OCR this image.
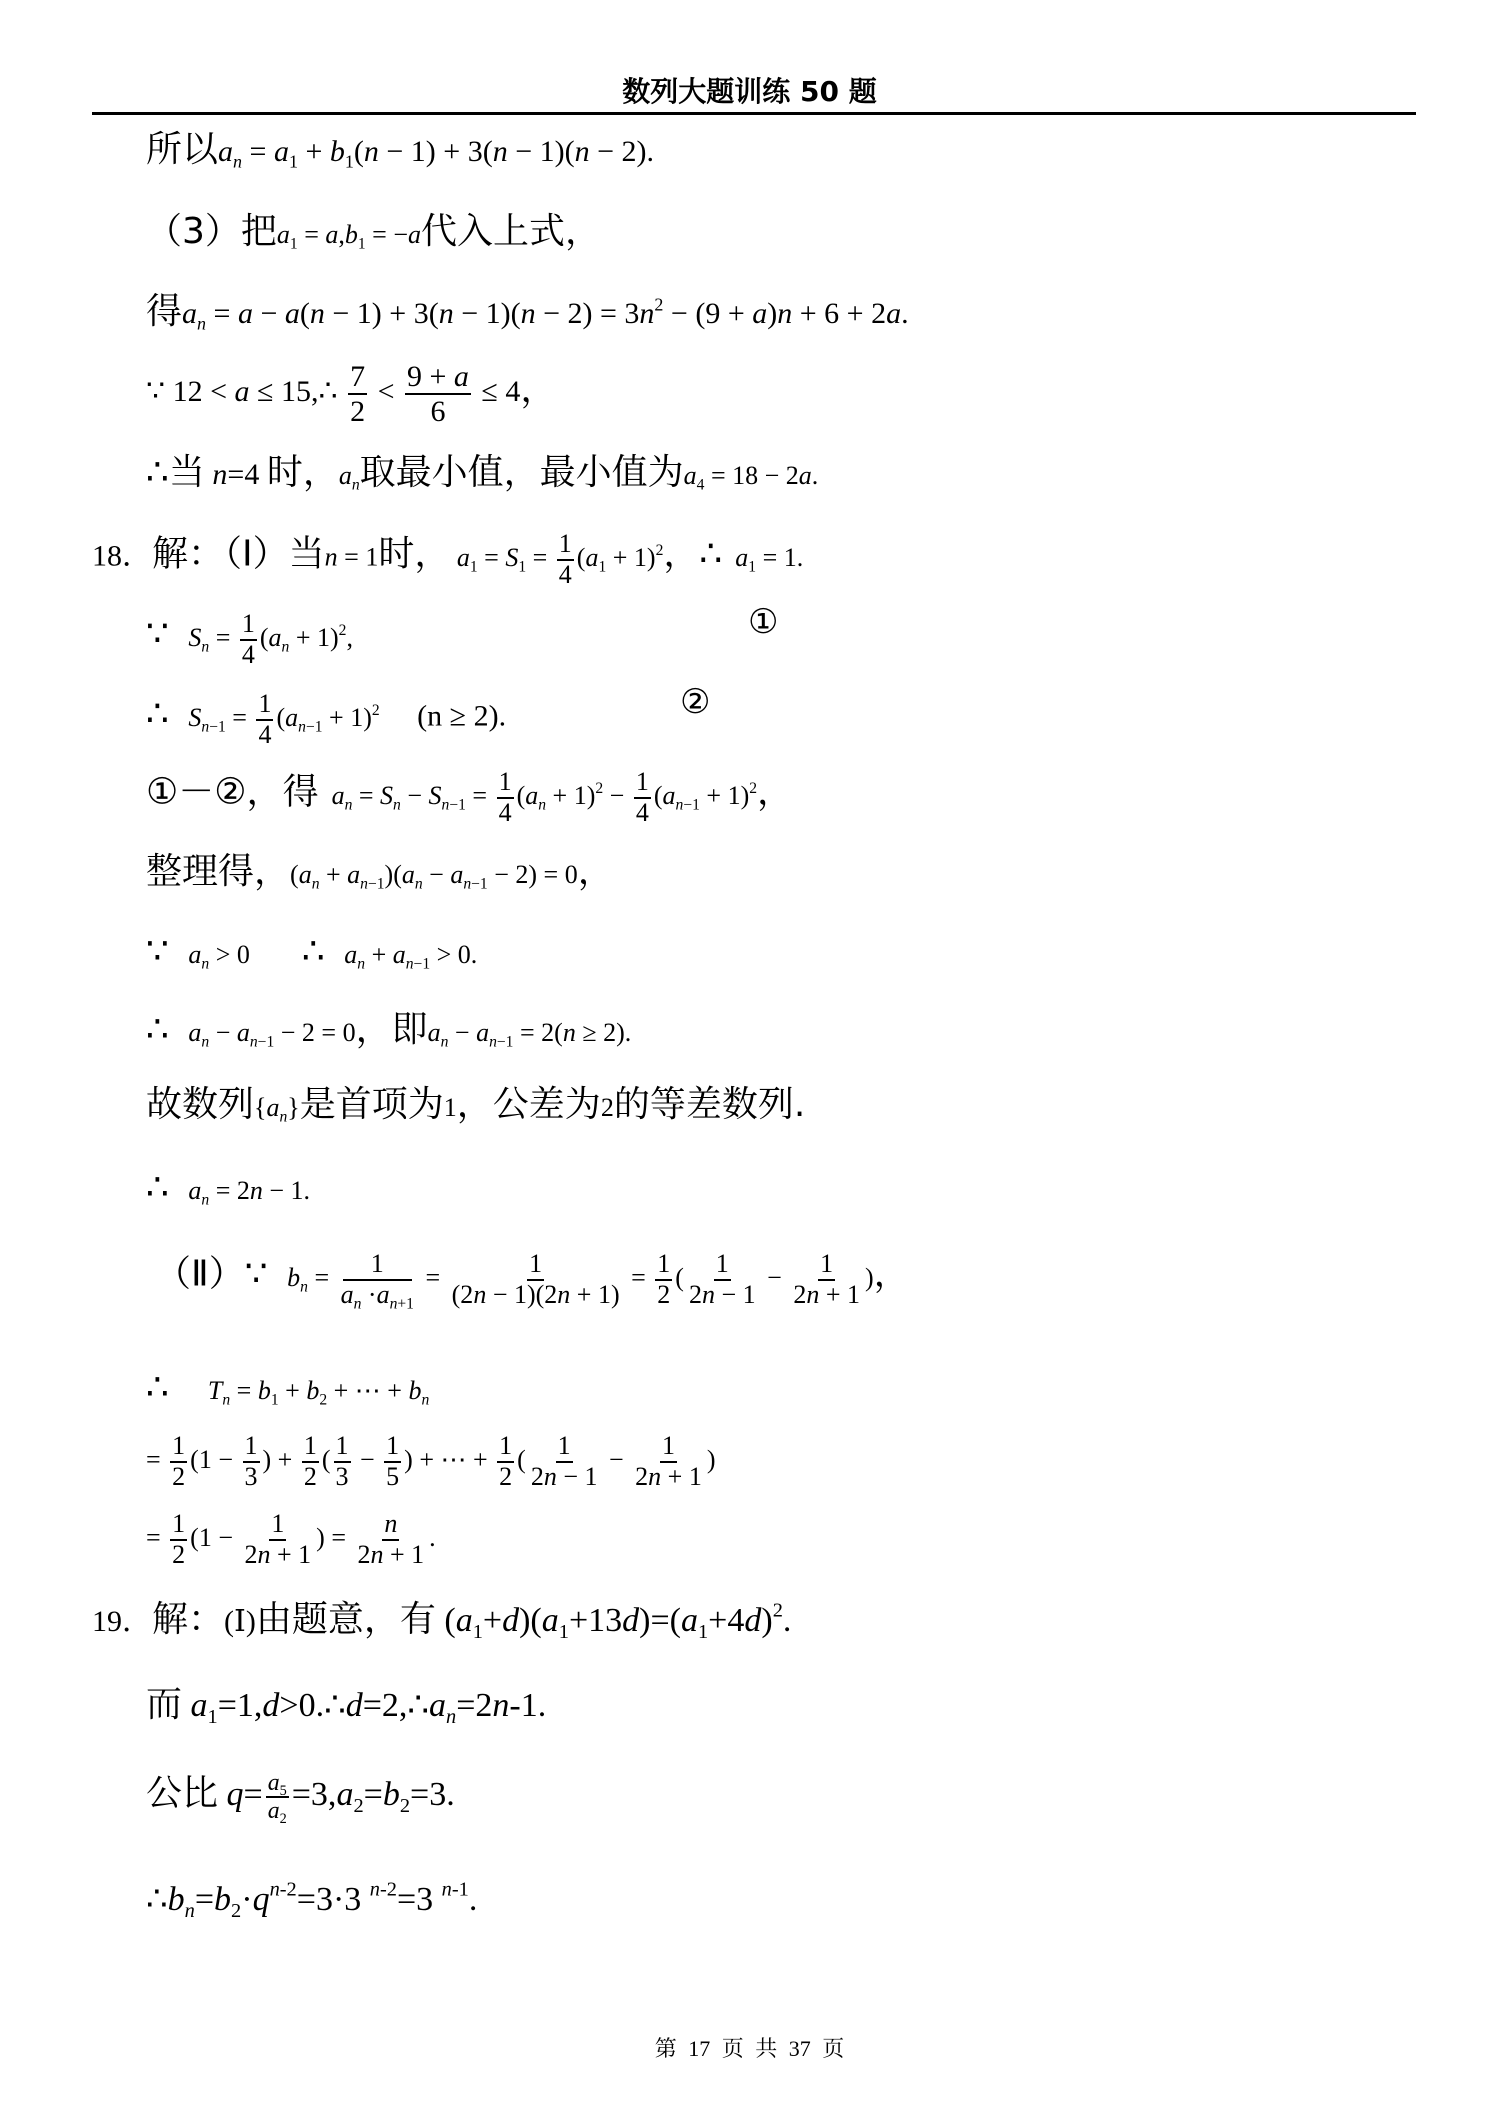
数列大题训练 50 题
所以$a_n = a_1 + b_1(n - 1) + 3(n - 1)(n - 2)$.
（3）把$a_1 = a,b_1 = -a$代入上式，
得$a_n = a - a(n - 1) + 3(n - 1)(n - 2) = 3n^2 - (9 + a)n + 6 + 2a$.
∵ 12 < a ≤ 15,∴ $\frac{7}{2} < \frac{9 + a}{6} \le 4$，
∴当 n=4 时，$a_n$取最小值，最小值为$a_4 = 18 - 2a$.
18．解：（Ⅰ）当n = 1时， $a_1 = S_1 = \frac{1}{4} (a_1 + 1)^2$，∴ $a_1 = 1$.
∵ $S_n = \frac{1}{4} (a_n + 1)^2$,	①
∴ $S_{n-1} = \frac{1}{4} (a_{n-1} + 1)^2$     (n ≥ 2).	②
①－②，得 $a_n = S_n - S_{n-1} = \frac{1}{4} (a_n + 1)^2 - \frac{1}{4} (a_{n-1} + 1)^2$，
整理得，$(a_n + a_{n-1})(a_n - a_{n-1} - 2) = 0$，
∵ $a_n > 0$        ∴ $a_n + a_{n-1} > 0$.
∴ $a_n - a_{n-1} - 2 = 0$，即$a_n - a_{n-1} = 2(n \ge 2)$.
故数列$\{a_n\}$是首项为1，公差为2的等差数列.
∴ $a_n = 2n - 1$.
（Ⅱ）∵ $b_n = \frac{1}{a_n \cdot a_{n+1}} = \frac{1}{(2n - 1)(2n + 1)} = \frac{1}{2}$ ( $\frac{1}{2n - 1} - \frac{1}{2n + 1}$ )，
∴ $T_n = b_1 + b_2$ + ⋯ + $b_n$
= $\frac{1}{2} (1 - \frac{1}{3}$ ) + $\frac{1}{2}$ ( $\frac{1}{3} - \frac{1}{5}$ ) + ⋯ + $\frac{1}{2}$ ( $\frac{1}{2n - 1} - \frac{1}{2n + 1}$ )
= $\frac{1}{2} (1 - \frac{1}{2n + 1}$ ) = $\frac{n}{2n + 1}$ .
19．解：(Ⅰ)由题意，有 $(a_1+d)(a_1+13d)=(a_1+4d)^2$.
而 $a_1=1,d>0.\therefore d=2,\therefore a_n=2n-1$.
公比 $q= \frac{a_5}{a_2} =3,a_2=b_2=3$.
$\therefore b_n=b_2\cdot q^{n-2}=3\cdot 3$ $^{n-2}$=3 $^{n-1}$.
第 17 页 共 37 页
